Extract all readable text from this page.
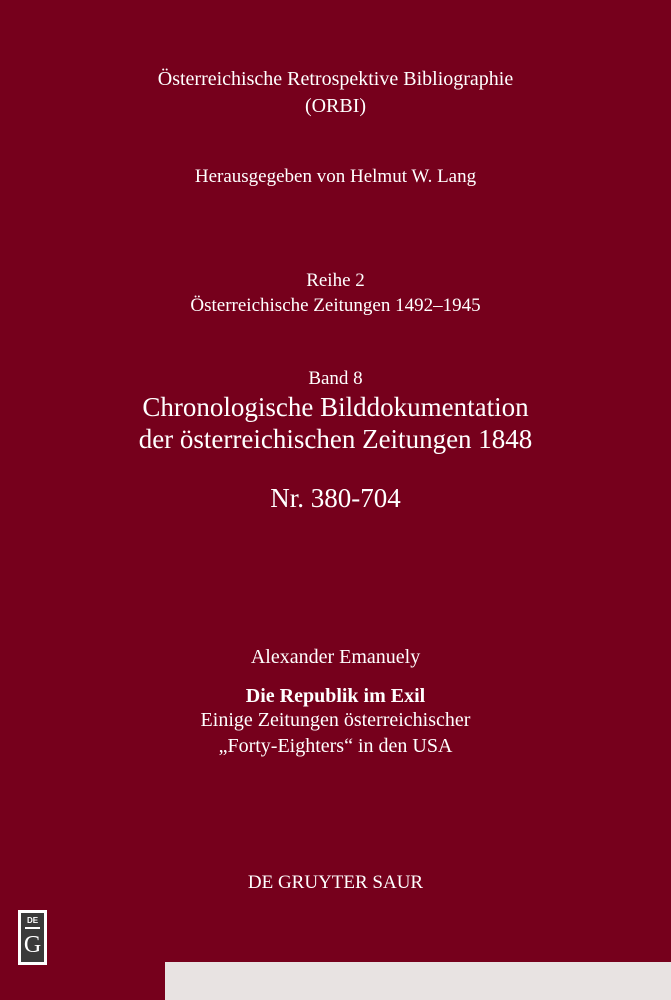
Österreichische Retrospektive Bibliographie
(ORBI)
Herausgegeben von Helmut W. Lang
Reihe 2
Österreichische Zeitungen 1492–1945
Band 8
Chronologische Bilddokumentation
der österreichischen Zeitungen 1848
Nr. 380-704
Alexander Emanuely
Die Republik im Exil
Einige Zeitungen österreichischer
„Forty-Eighters“ in den USA
DE GRUYTER SAUR
DE
G
